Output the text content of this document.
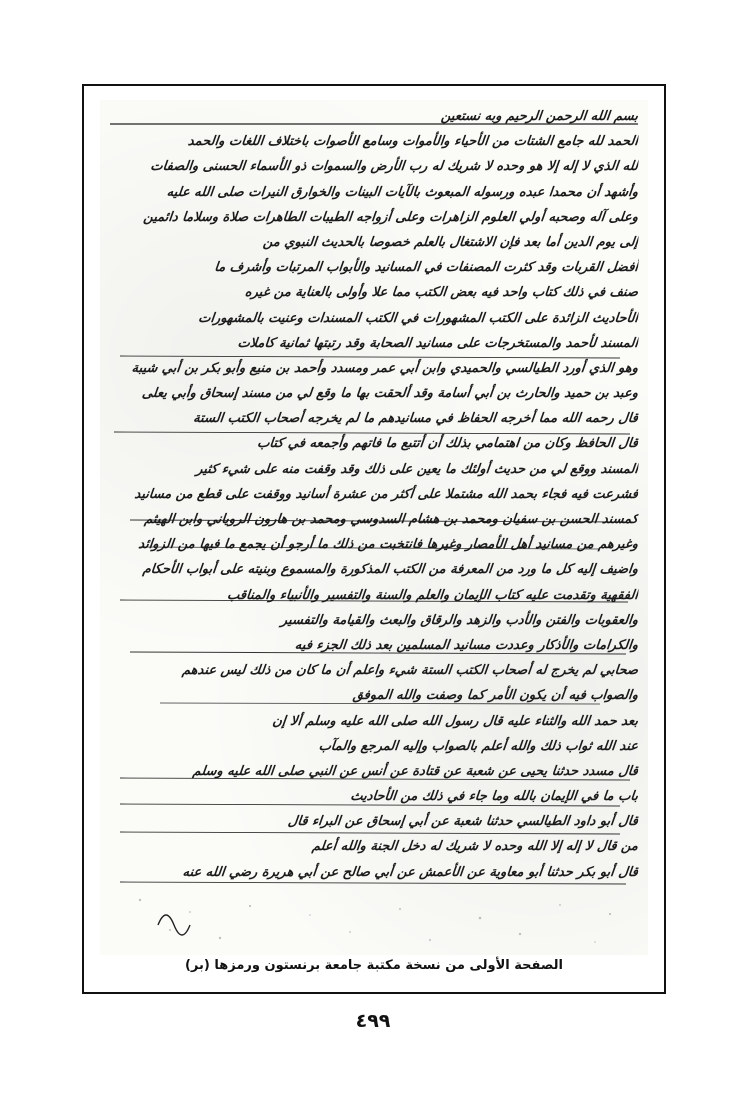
بسم الله الرحمن الرحيم وبه نستعين
الحمد لله جامع الشتات من الأحياء والأموات وسامع الأصوات باختلاف اللغات والحمد
لله الذي لا إله إلا هو وحده لا شريك له رب الأرض والسموات ذو الأسماء الحسنى والصفات
وأشهد أن محمدا عبده ورسوله المبعوث بالآيات البينات والخوارق النيرات صلى الله عليه
وعلى آله وصحبه أولي العلوم الزاهرات وعلى أزواجه الطيبات الطاهرات صلاة وسلاما دائمين
إلى يوم الدين أما بعد فإن الاشتغال بالعلم خصوصا بالحديث النبوي من
أفضل القربات وقد كثرت المصنفات في المسانيد والأبواب المرتبات وأشرف ما
صنف في ذلك كتاب واحد فيه بعض الكتب مما علا وأولى بالعناية من غيره
الأحاديث الزائدة على الكتب المشهورات في الكتب المسندات وعنيت بالمشهورات
المسند لأحمد والمستخرجات على مسانيد الصحابة وقد رتبتها ثمانية كاملات
وهو الذي أورد الطيالسي والحميدي وابن أبي عمر ومسدد وأحمد بن منيع وأبو بكر بن أبي شيبة
وعبد بن حميد والحارث بن أبي أسامة وقد ألحقت بها ما وقع لي من مسند إسحاق وأبي يعلى
قال رحمه الله مما أخرجه الحفاظ في مسانيدهم ما لم يخرجه أصحاب الكتب الستة
قال الحافظ وكان من اهتمامي بذلك أن أتتبع ما فاتهم وأجمعه في كتاب
المسند ووقع لي من حديث أولئك ما يعين على ذلك وقد وقفت منه على شيء كثير
فشرعت فيه فجاء بحمد الله مشتملا على أكثر من عشرة أسانيد ووقفت على قطع من مسانيد
كمسند الحسن بن سفيان ومحمد بن هشام السدوسي ومحمد بن هارون الروياني وابن الهيثم
وغيرهم من مسانيد أهل الأمصار وغيرها فانتخبت من ذلك ما أرجو أن يجمع ما فيها من الزوائد
واضيف إليه كل ما ورد من المعرفة من الكتب المذكورة والمسموع وبنيته على أبواب الأحكام
الفقهية وتقدمت عليه كتاب الإيمان والعلم والسنة والتفسير والأنبياء والمناقب
والعقوبات والفتن والأدب والزهد والرقاق والبعث والقيامة والتفسير
والكرامات والأذكار وعددت مسانيد المسلمين بعد ذلك الجزء فيه
صحابي لم يخرج له أصحاب الكتب الستة شيء واعلم أن ما كان من ذلك ليس عندهم
والصواب فيه أن يكون الأمر كما وصفت والله الموفق
بعد حمد الله والثناء عليه قال رسول الله صلى الله عليه وسلم ألا إن
عند الله ثواب ذلك والله أعلم بالصواب وإليه المرجع والمآب
قال مسدد حدثنا يحيى عن شعبة عن قتادة عن أنس عن النبي صلى الله عليه وسلم
باب ما في الإيمان بالله وما جاء في ذلك من الأحاديث
قال أبو داود الطيالسي حدثنا شعبة عن أبي إسحاق عن البراء قال
من قال لا إله إلا الله وحده لا شريك له دخل الجنة والله أعلم
قال أبو بكر حدثنا أبو معاوية عن الأعمش عن أبي صالح عن أبي هريرة رضي الله عنه
الصفحة الأولى من نسخة مكتبة جامعة برنستون ورمزها (بر)
٤٩٩
